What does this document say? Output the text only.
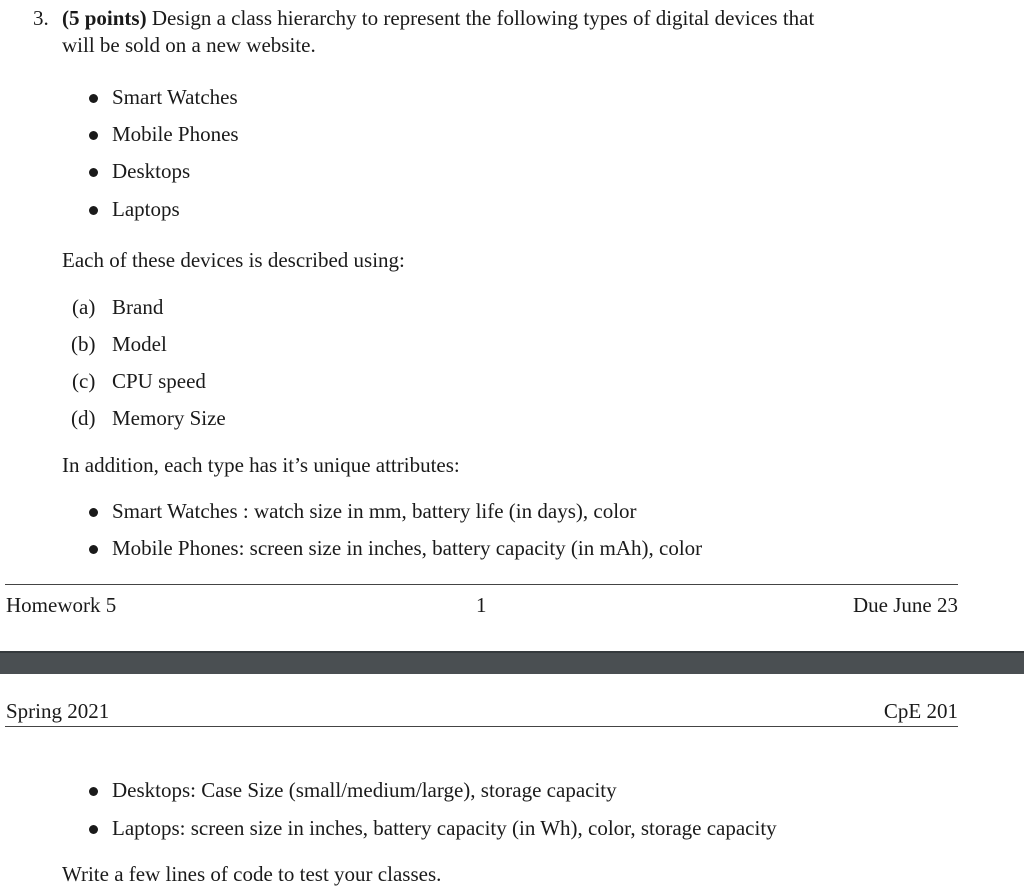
3. (5 points) Design a class hierarchy to represent the following types of digital devices that
will be sold on a new website.
Smart Watches
Mobile Phones
Desktops
Laptops
Each of these devices is described using:
(a) Brand
(b) Model
(c) CPU speed
(d) Memory Size
In addition, each type has it’s unique attributes:
Smart Watches : watch size in mm, battery life (in days), color
Mobile Phones: screen size in inches, battery capacity (in mAh), color
Homework 5	1	Due June 23
Spring 2021	CpE 201
Desktops: Case Size (small/medium/large), storage capacity
Laptops: screen size in inches, battery capacity (in Wh), color, storage capacity
Write a few lines of code to test your classes.
